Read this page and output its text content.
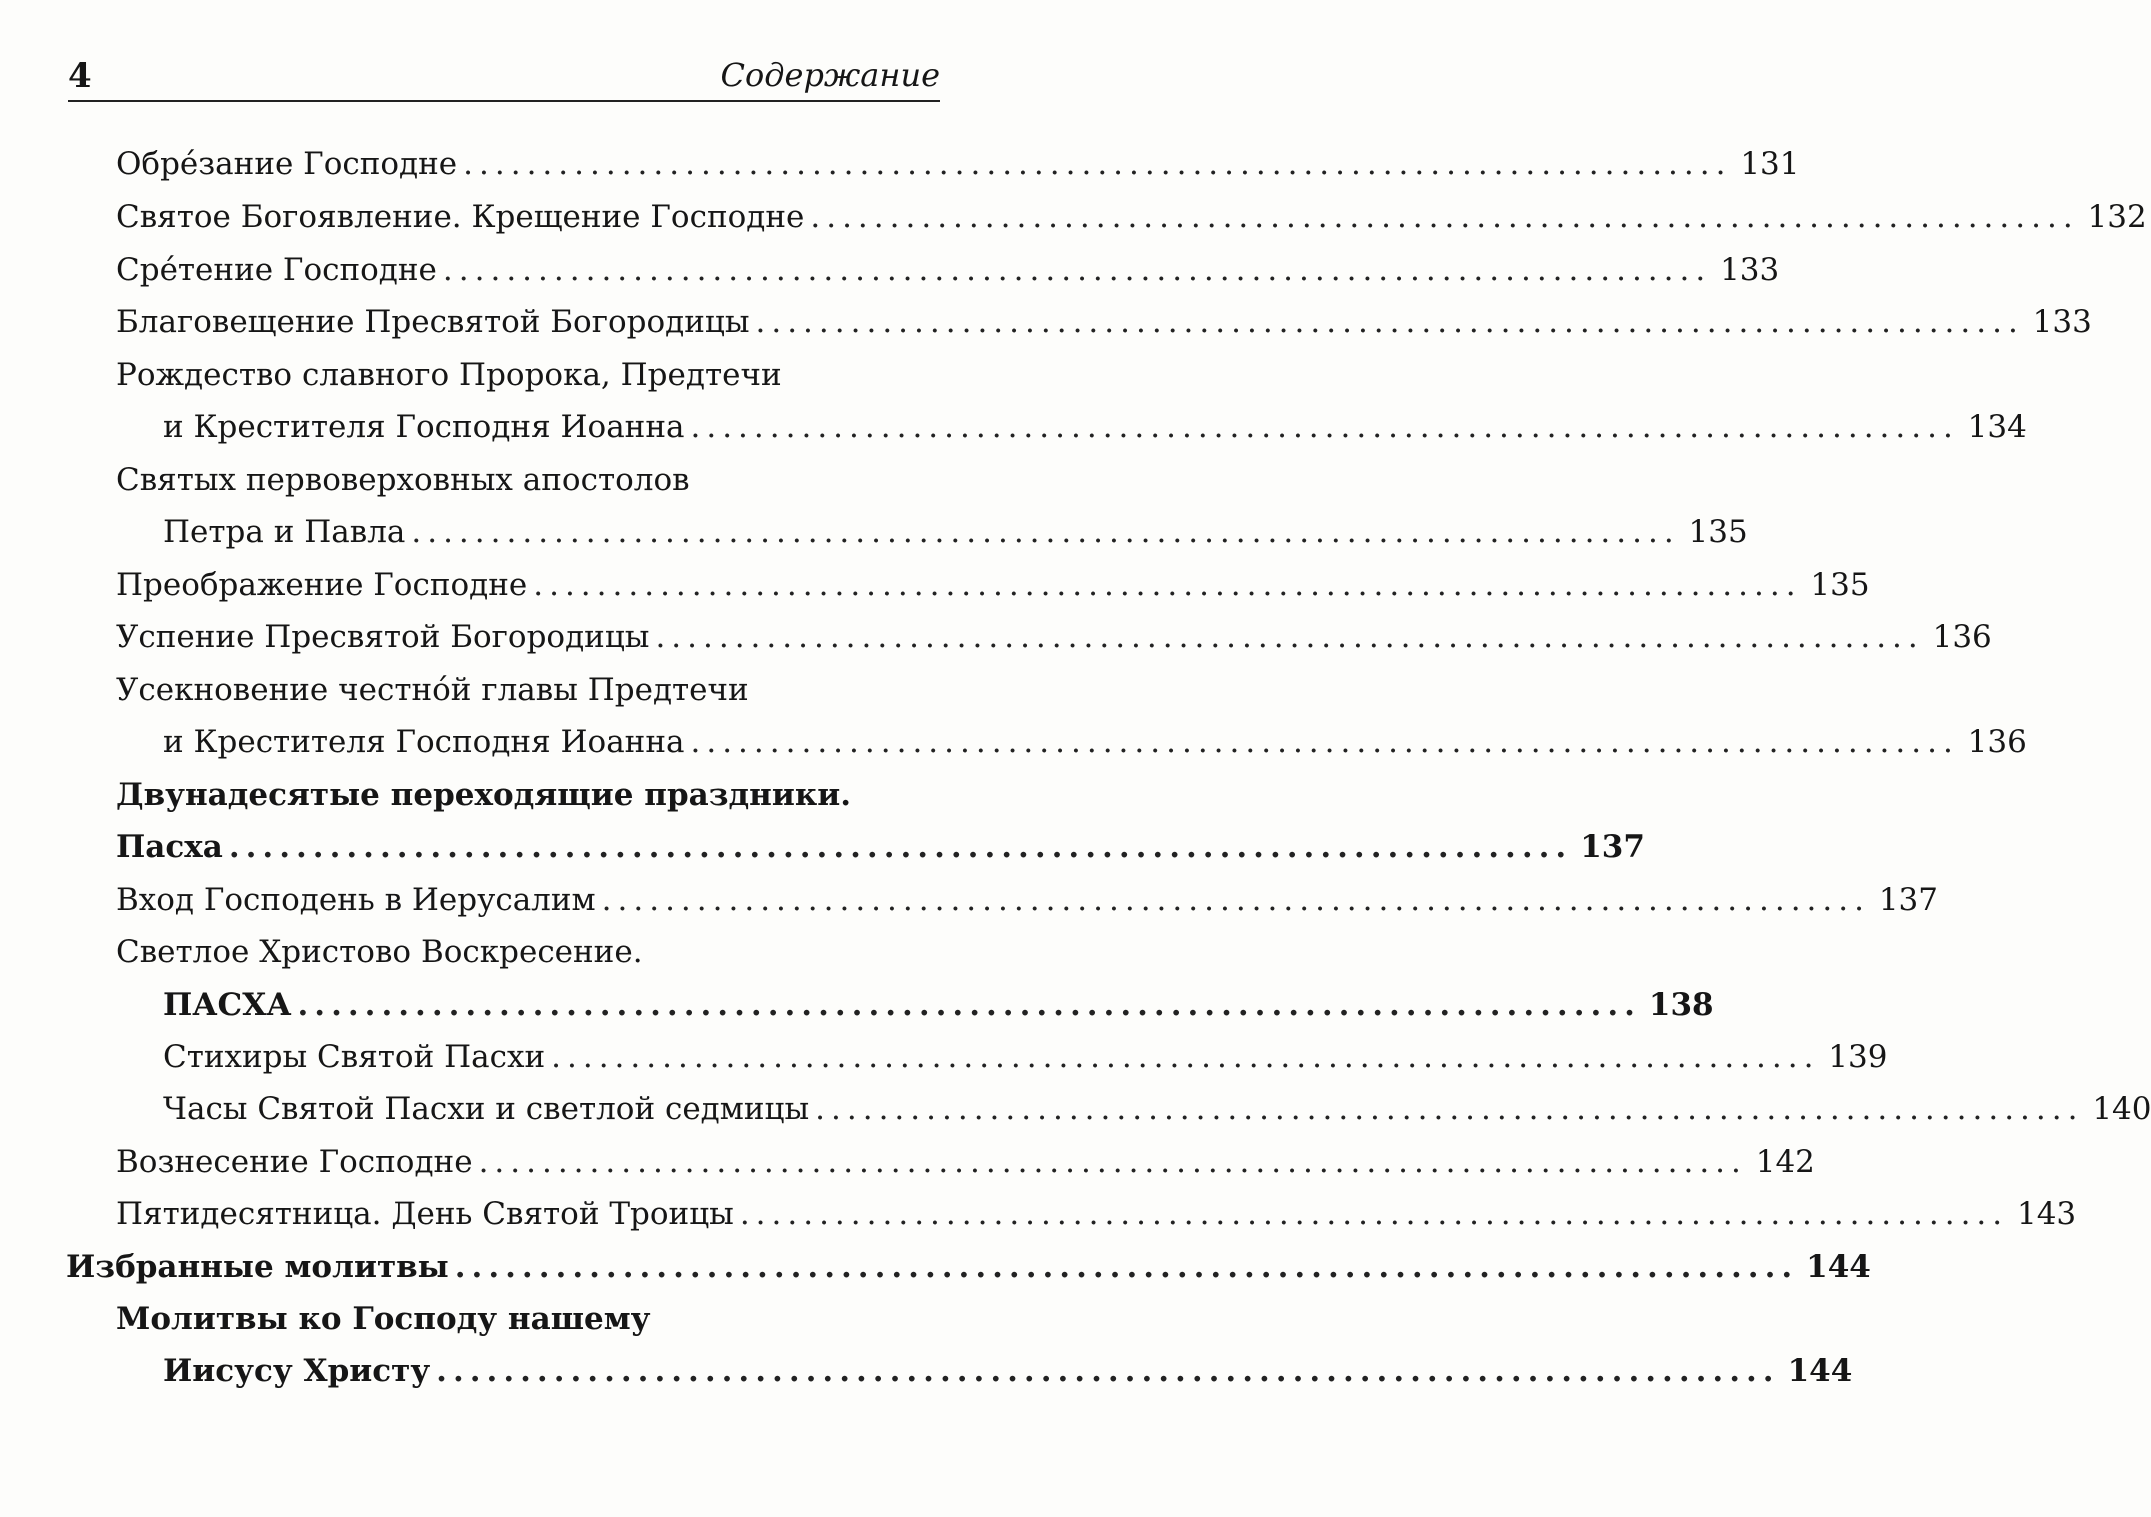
4	Содержание
Обре́зание Господне ................................................................................ 131
Святое Богоявление. Крещение Господне ................................................................................ 132
Сре́тение Господне ................................................................................ 133
Благовещение Пресвятой Богородицы ................................................................................ 133
Рождество славного Пророка, Предтечи
и Крестителя Господня Иоанна ................................................................................ 134
Святых первоверховных апостолов
Петра и Павла ................................................................................ 135
Преображение Господне ................................................................................ 135
Успение Пресвятой Богородицы ................................................................................ 136
Усекновение честно́й главы Предтечи
и Крестителя Господня Иоанна ................................................................................ 136
Двунадесятые переходящие праздники.
Пасха ................................................................................ 137
Вход Господень в Иерусалим ................................................................................ 137
Светлое Христово Воскресение.
ПАСХА ................................................................................ 138
Стихиры Святой Пасхи ................................................................................ 139
Часы Святой Пасхи и светлой седмицы ................................................................................ 140
Вознесение Господне ................................................................................ 142
Пятидесятница. День Святой Троицы ................................................................................ 143
Избранные молитвы ................................................................................ 144
Молитвы ко Господу нашему
Иисусу Христу ................................................................................ 144
